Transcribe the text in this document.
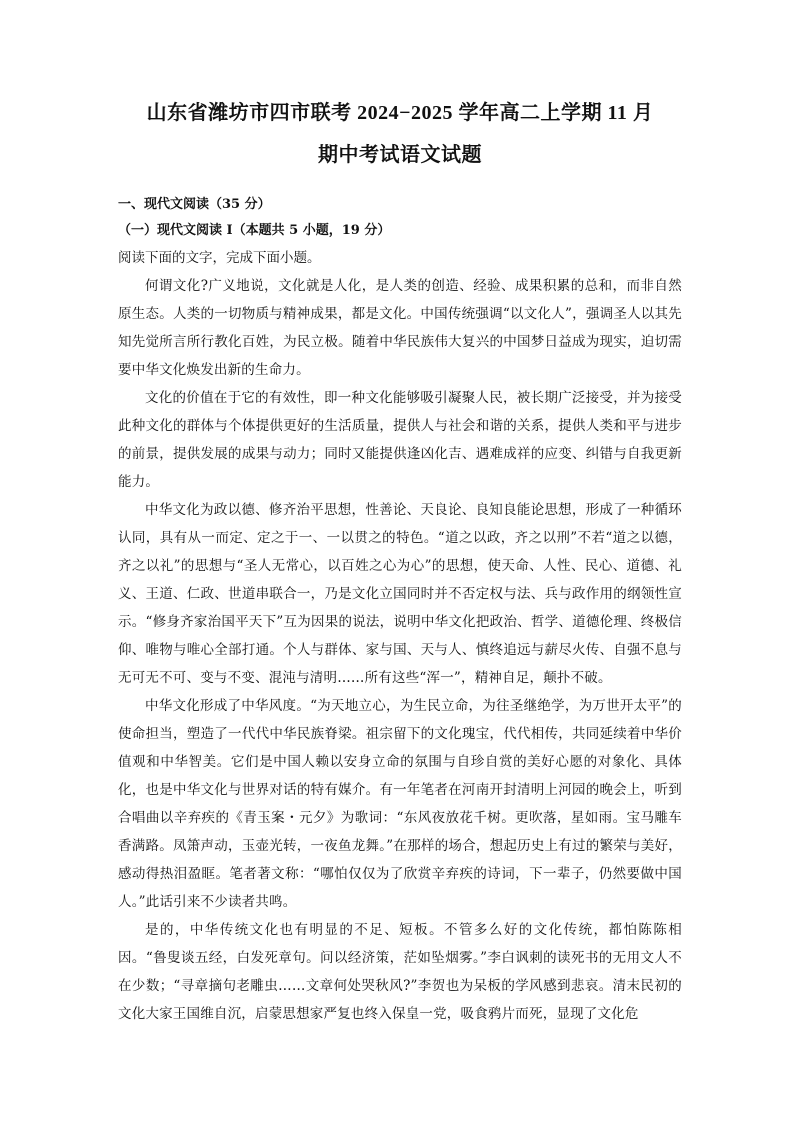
山东省潍坊市四市联考 2024−2025 学年高二上学期 11 月
期中考试语文试题

一、现代文阅读（35 分）

（一）现代文阅读 I（本题共 5 小题，19 分）

阅读下面的文字，完成下面小题。

何谓文化?广义地说，文化就是人化，是人类的创造、经验、成果积累的总和，而非自然原生态。人类的一切物质与精神成果，都是文化。中国传统强调“以文化人”，强调圣人以其先知先觉所言所行教化百姓，为民立极。随着中华民族伟大复兴的中国梦日益成为现实，迫切需要中华文化焕发出新的生命力。

文化的价值在于它的有效性，即一种文化能够吸引凝聚人民，被长期广泛接受，并为接受此种文化的群体与个体提供更好的生活质量，提供人与社会和谐的关系，提供人类和平与进步的前景，提供发展的成果与动力；同时又能提供逢凶化吉、遇难成祥的应变、纠错与自我更新能力。

中华文化为政以德、修齐治平思想，性善论、天良论、良知良能论思想，形成了一种循环认同，具有从一而定、定之于一、一以贯之的特色。“道之以政，齐之以刑”不若“道之以德，齐之以礼”的思想与“圣人无常心，以百姓之心为心”的思想，使天命、人性、民心、道德、礼义、王道、仁政、世道串联合一，乃是文化立国同时并不否定权与法、兵与政作用的纲领性宣示。“修身齐家治国平天下”互为因果的说法，说明中华文化把政治、哲学、道德伦理、终极信仰、唯物与唯心全部打通。个人与群体、家与国、天与人、慎终追远与薪尽火传、自强不息与无可无不可、变与不变、混沌与清明……所有这些“浑一”，精神自足，颠扑不破。

中华文化形成了中华风度。“为天地立心，为生民立命，为往圣继绝学，为万世开太平”的使命担当，塑造了一代代中华民族脊梁。祖宗留下的文化瑰宝，代代相传，共同延续着中华价值观和中华智美。它们是中国人赖以安身立命的氛围与自珍自赏的美好心愿的对象化、具体化，也是中华文化与世界对话的特有媒介。有一年笔者在河南开封清明上河园的晚会上，听到合唱曲以辛弃疾的《青玉案・元夕》为歌词：“东风夜放花千树。更吹落，星如雨。宝马雕车香满路。凤箫声动，玉壶光转，一夜鱼龙舞。”在那样的场合，想起历史上有过的繁荣与美好，感动得热泪盈眶。笔者著文称：“哪怕仅仅为了欣赏辛弃疾的诗词，下一辈子，仍然要做中国人。”此话引来不少读者共鸣。

是的，中华传统文化也有明显的不足、短板。不管多么好的文化传统，都怕陈陈相因。“鲁叟谈五经，白发死章句。问以经济策，茫如坠烟雾。”李白讽刺的读死书的无用文人不在少数；“寻章摘句老雕虫……文章何处哭秋风?”李贺也为呆板的学风感到悲哀。清末民初的文化大家王国维自沉，启蒙思想家严复也终入保皇一党，吸食鸦片而死，显现了文化危
